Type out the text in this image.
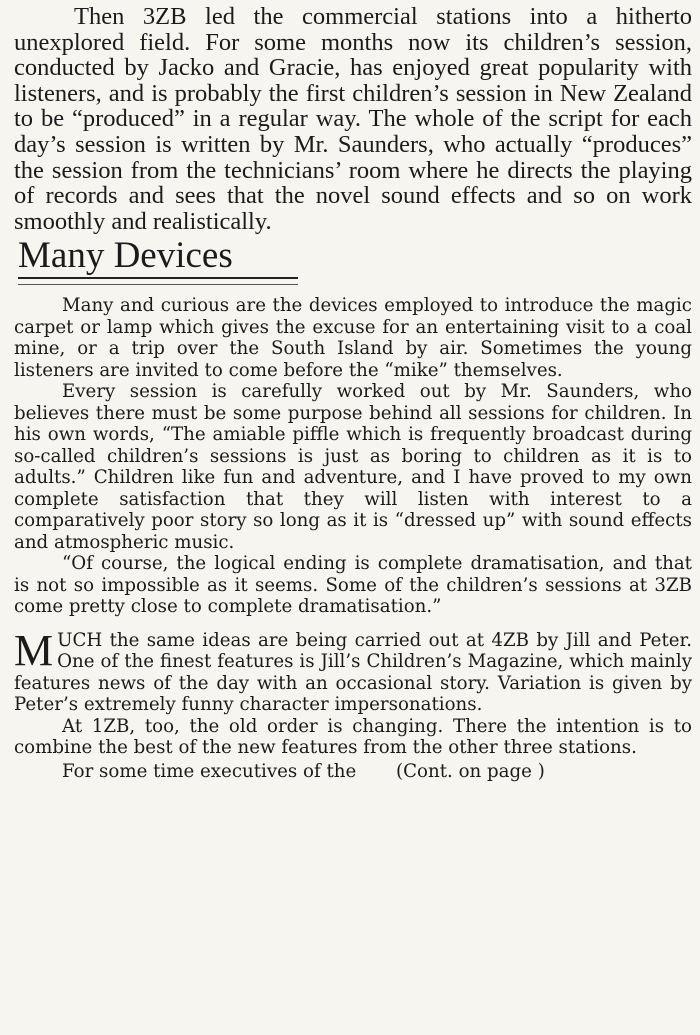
Then 3ZB led the commercial stations into a hitherto unexplored field. For some months now its children’s session, conducted by Jacko and Gracie, has enjoyed great popularity with listeners, and is probably the first children’s session in New Zealand to be “produced” in a regular way. The whole of the script for each day’s session is written by Mr. Saunders, who actually “produces” the session from the technicians’ room where he directs the playing of records and sees that the novel sound effects and so on work smoothly and realistically.

Many Devices

Many and curious are the devices employed to introduce the magic carpet or lamp which gives the excuse for an entertaining visit to a coal mine, or a trip over the South Island by air. Sometimes the young listeners are invited to come before the “mike” themselves.

Every session is carefully worked out by Mr. Saunders, who believes there must be some purpose behind all sessions for children. In his own words, “The amiable piffle which is frequently broadcast during so-called children’s sessions is just as boring to children as it is to adults.” Children like fun and adventure, and I have proved to my own complete satisfaction that they will listen with interest to a comparatively poor story so long as it is “dressed up” with sound effects and atmospheric music.

“Of course, the logical ending is complete dramatisation, and that is not so impossible as it seems. Some of the children’s sessions at 3ZB come pretty close to complete dramatisation.”

MUCH the same ideas are being carried out at 4ZB by Jill and Peter. One of the finest features is Jill’s Children’s Magazine, which mainly features news of the day with an occasional story. Variation is given by Peter’s extremely funny character impersonations.

At 1ZB, too, the old order is changing. There the intention is to combine the best of the new features from the other three stations.

For some time executives of the (Cont. on page )
